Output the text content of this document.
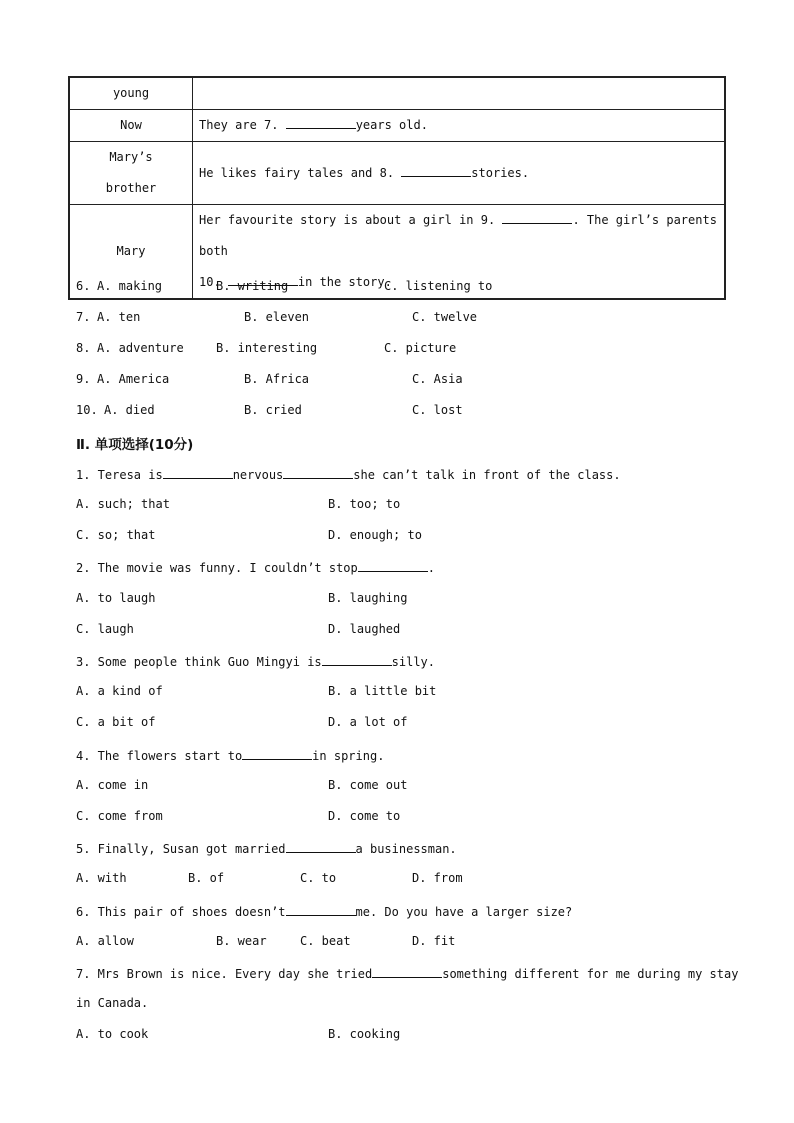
young	
Now	They are 7. years old.

Mary’s
brother	He likes fairy tales and 8. stories.
Mary	Her favourite story is about a girl in 9. . The girl’s parents both
10. in the story.
6. A. making	B. writing	C. listening to
7. A. ten	B. eleven	C. twelve
8. A. adventure	B. interesting	C. picture
9. A. America	B. Africa	C. Asia
10. A. died	B. cried	C. lost
Ⅱ. 单项选择(10分)
1. Teresa is	nervous	she can’t talk in front of the class.
A. such; that	B. too; to
C. so; that	D. enough; to
2. The movie was funny. I couldn’t stop	.
A. to laugh	B. laughing
C. laugh	D. laughed
3. Some people think Guo Mingyi is	silly.
A. a kind of	B. a little bit
C. a bit of	D. a lot of
4. The flowers start to	in spring.
A. come in	B. come out
C. come from	D. come to
5. Finally, Susan got married	a businessman.
A. with	B. of	C. to	D. from
6. This pair of shoes doesn’t	me. Do you have a larger size?
A. allow	B. wear	C. beat	D. fit
7. Mrs Brown is nice. Every day she tried	something different for me during my stay
in Canada.
A. to cook	B. cooking
